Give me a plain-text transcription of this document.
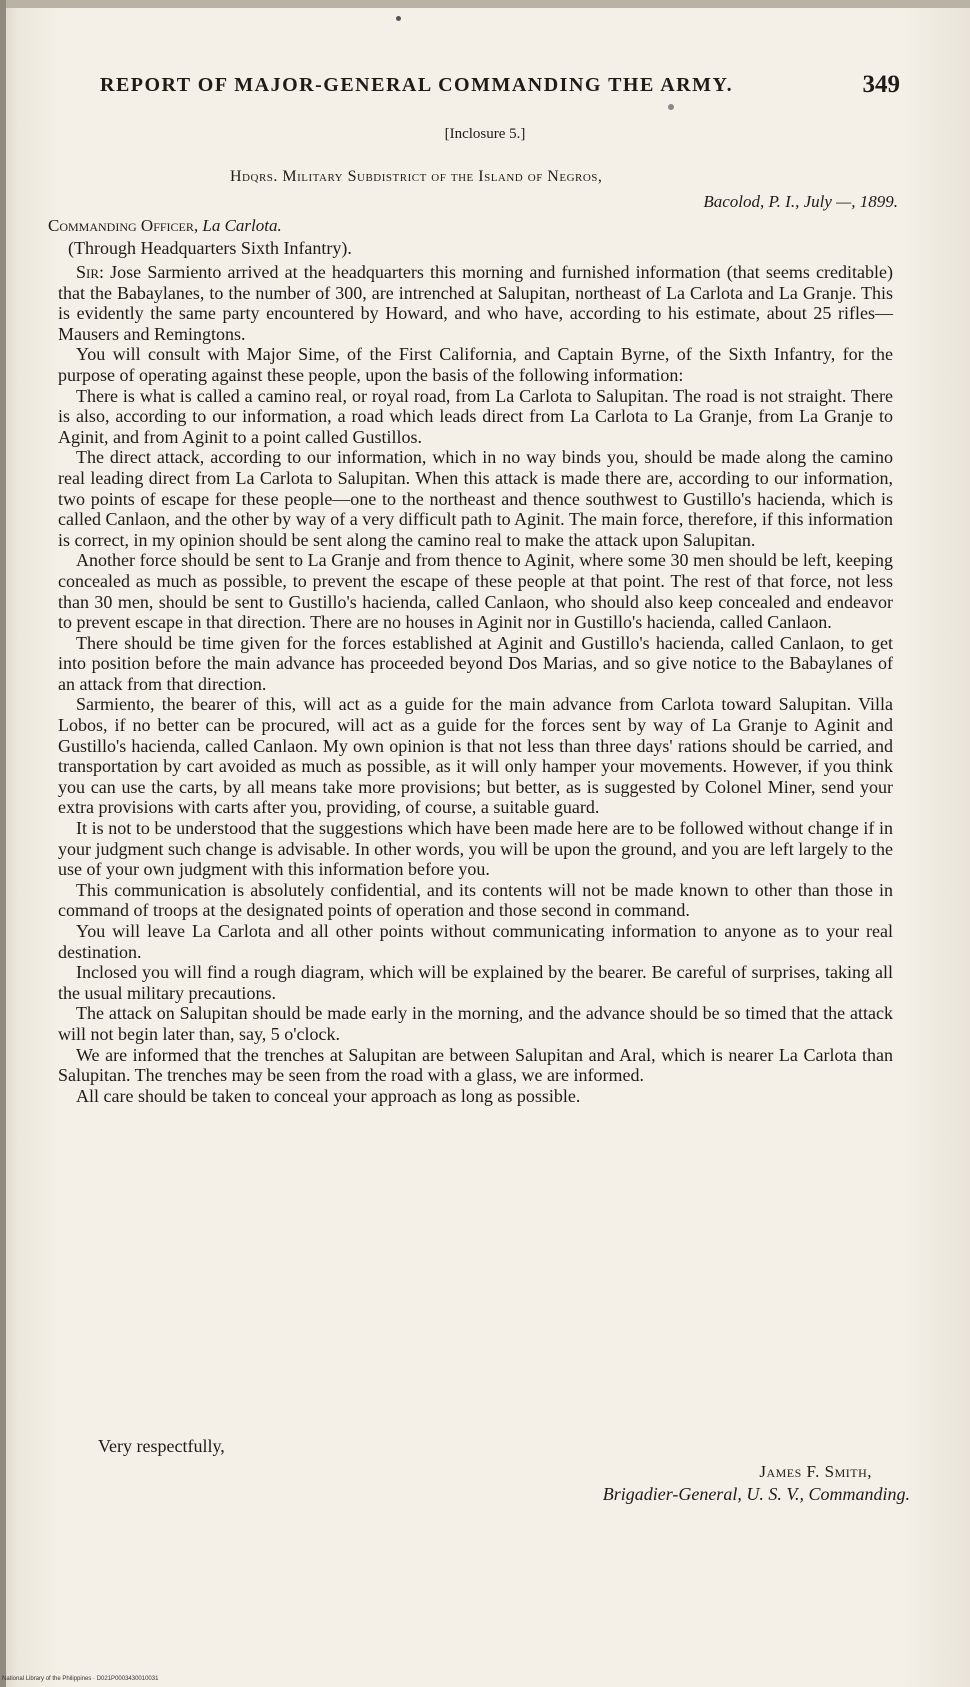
REPORT OF MAJOR-GENERAL COMMANDING THE ARMY.	349
[Inclosure 5.]
Hdqrs. Military Subdistrict of the Island of Negros,
Bacolod, P. I., July —, 1899.
Commanding Officer, La Carlota.
(Through Headquarters Sixth Infantry).

Sir: Jose Sarmiento arrived at the headquarters this morning and furnished information (that seems creditable) that the Babaylanes, to the number of 300, are intrenched at Salupitan, northeast of La Carlota and La Granje. This is evidently the same party encountered by Howard, and who have, according to his estimate, about 25 rifles—Mausers and Remingtons.

You will consult with Major Sime, of the First California, and Captain Byrne, of the Sixth Infantry, for the purpose of operating against these people, upon the basis of the following information:

There is what is called a camino real, or royal road, from La Carlota to Salupitan. The road is not straight. There is also, according to our information, a road which leads direct from La Carlota to La Granje, from La Granje to Aginit, and from Aginit to a point called Gustillos.

The direct attack, according to our information, which in no way binds you, should be made along the camino real leading direct from La Carlota to Salupitan. When this attack is made there are, according to our information, two points of escape for these people—one to the northeast and thence southwest to Gustillo's hacienda, which is called Canlaon, and the other by way of a very difficult path to Aginit. The main force, therefore, if this information is correct, in my opinion should be sent along the camino real to make the attack upon Salupitan.

Another force should be sent to La Granje and from thence to Aginit, where some 30 men should be left, keeping concealed as much as possible, to prevent the escape of these people at that point. The rest of that force, not less than 30 men, should be sent to Gustillo's hacienda, called Canlaon, who should also keep concealed and endeavor to prevent escape in that direction. There are no houses in Aginit nor in Gustillo's hacienda, called Canlaon.

There should be time given for the forces established at Aginit and Gustillo's hacienda, called Canlaon, to get into position before the main advance has proceeded beyond Dos Marias, and so give notice to the Babaylanes of an attack from that direction.

Sarmiento, the bearer of this, will act as a guide for the main advance from Carlota toward Salupitan. Villa Lobos, if no better can be procured, will act as a guide for the forces sent by way of La Granje to Aginit and Gustillo's hacienda, called Canlaon. My own opinion is that not less than three days' rations should be carried, and transportation by cart avoided as much as possible, as it will only hamper your movements. However, if you think you can use the carts, by all means take more provisions; but better, as is suggested by Colonel Miner, send your extra provisions with carts after you, providing, of course, a suitable guard.

It is not to be understood that the suggestions which have been made here are to be followed without change if in your judgment such change is advisable. In other words, you will be upon the ground, and you are left largely to the use of your own judgment with this information before you.

This communication is absolutely confidential, and its contents will not be made known to other than those in command of troops at the designated points of operation and those second in command.

You will leave La Carlota and all other points without communicating information to anyone as to your real destination.

Inclosed you will find a rough diagram, which will be explained by the bearer. Be careful of surprises, taking all the usual military precautions.

The attack on Salupitan should be made early in the morning, and the advance should be so timed that the attack will not begin later than, say, 5 o'clock.

We are informed that the trenches at Salupitan are between Salupitan and Aral, which is nearer La Carlota than Salupitan. The trenches may be seen from the road with a glass, we are informed.

All care should be taken to conceal your approach as long as possible.

Very respectfully,
James F. Smith,
Brigadier-General, U. S. V., Commanding.
National Library of the Philippines · D021P0003430010031
